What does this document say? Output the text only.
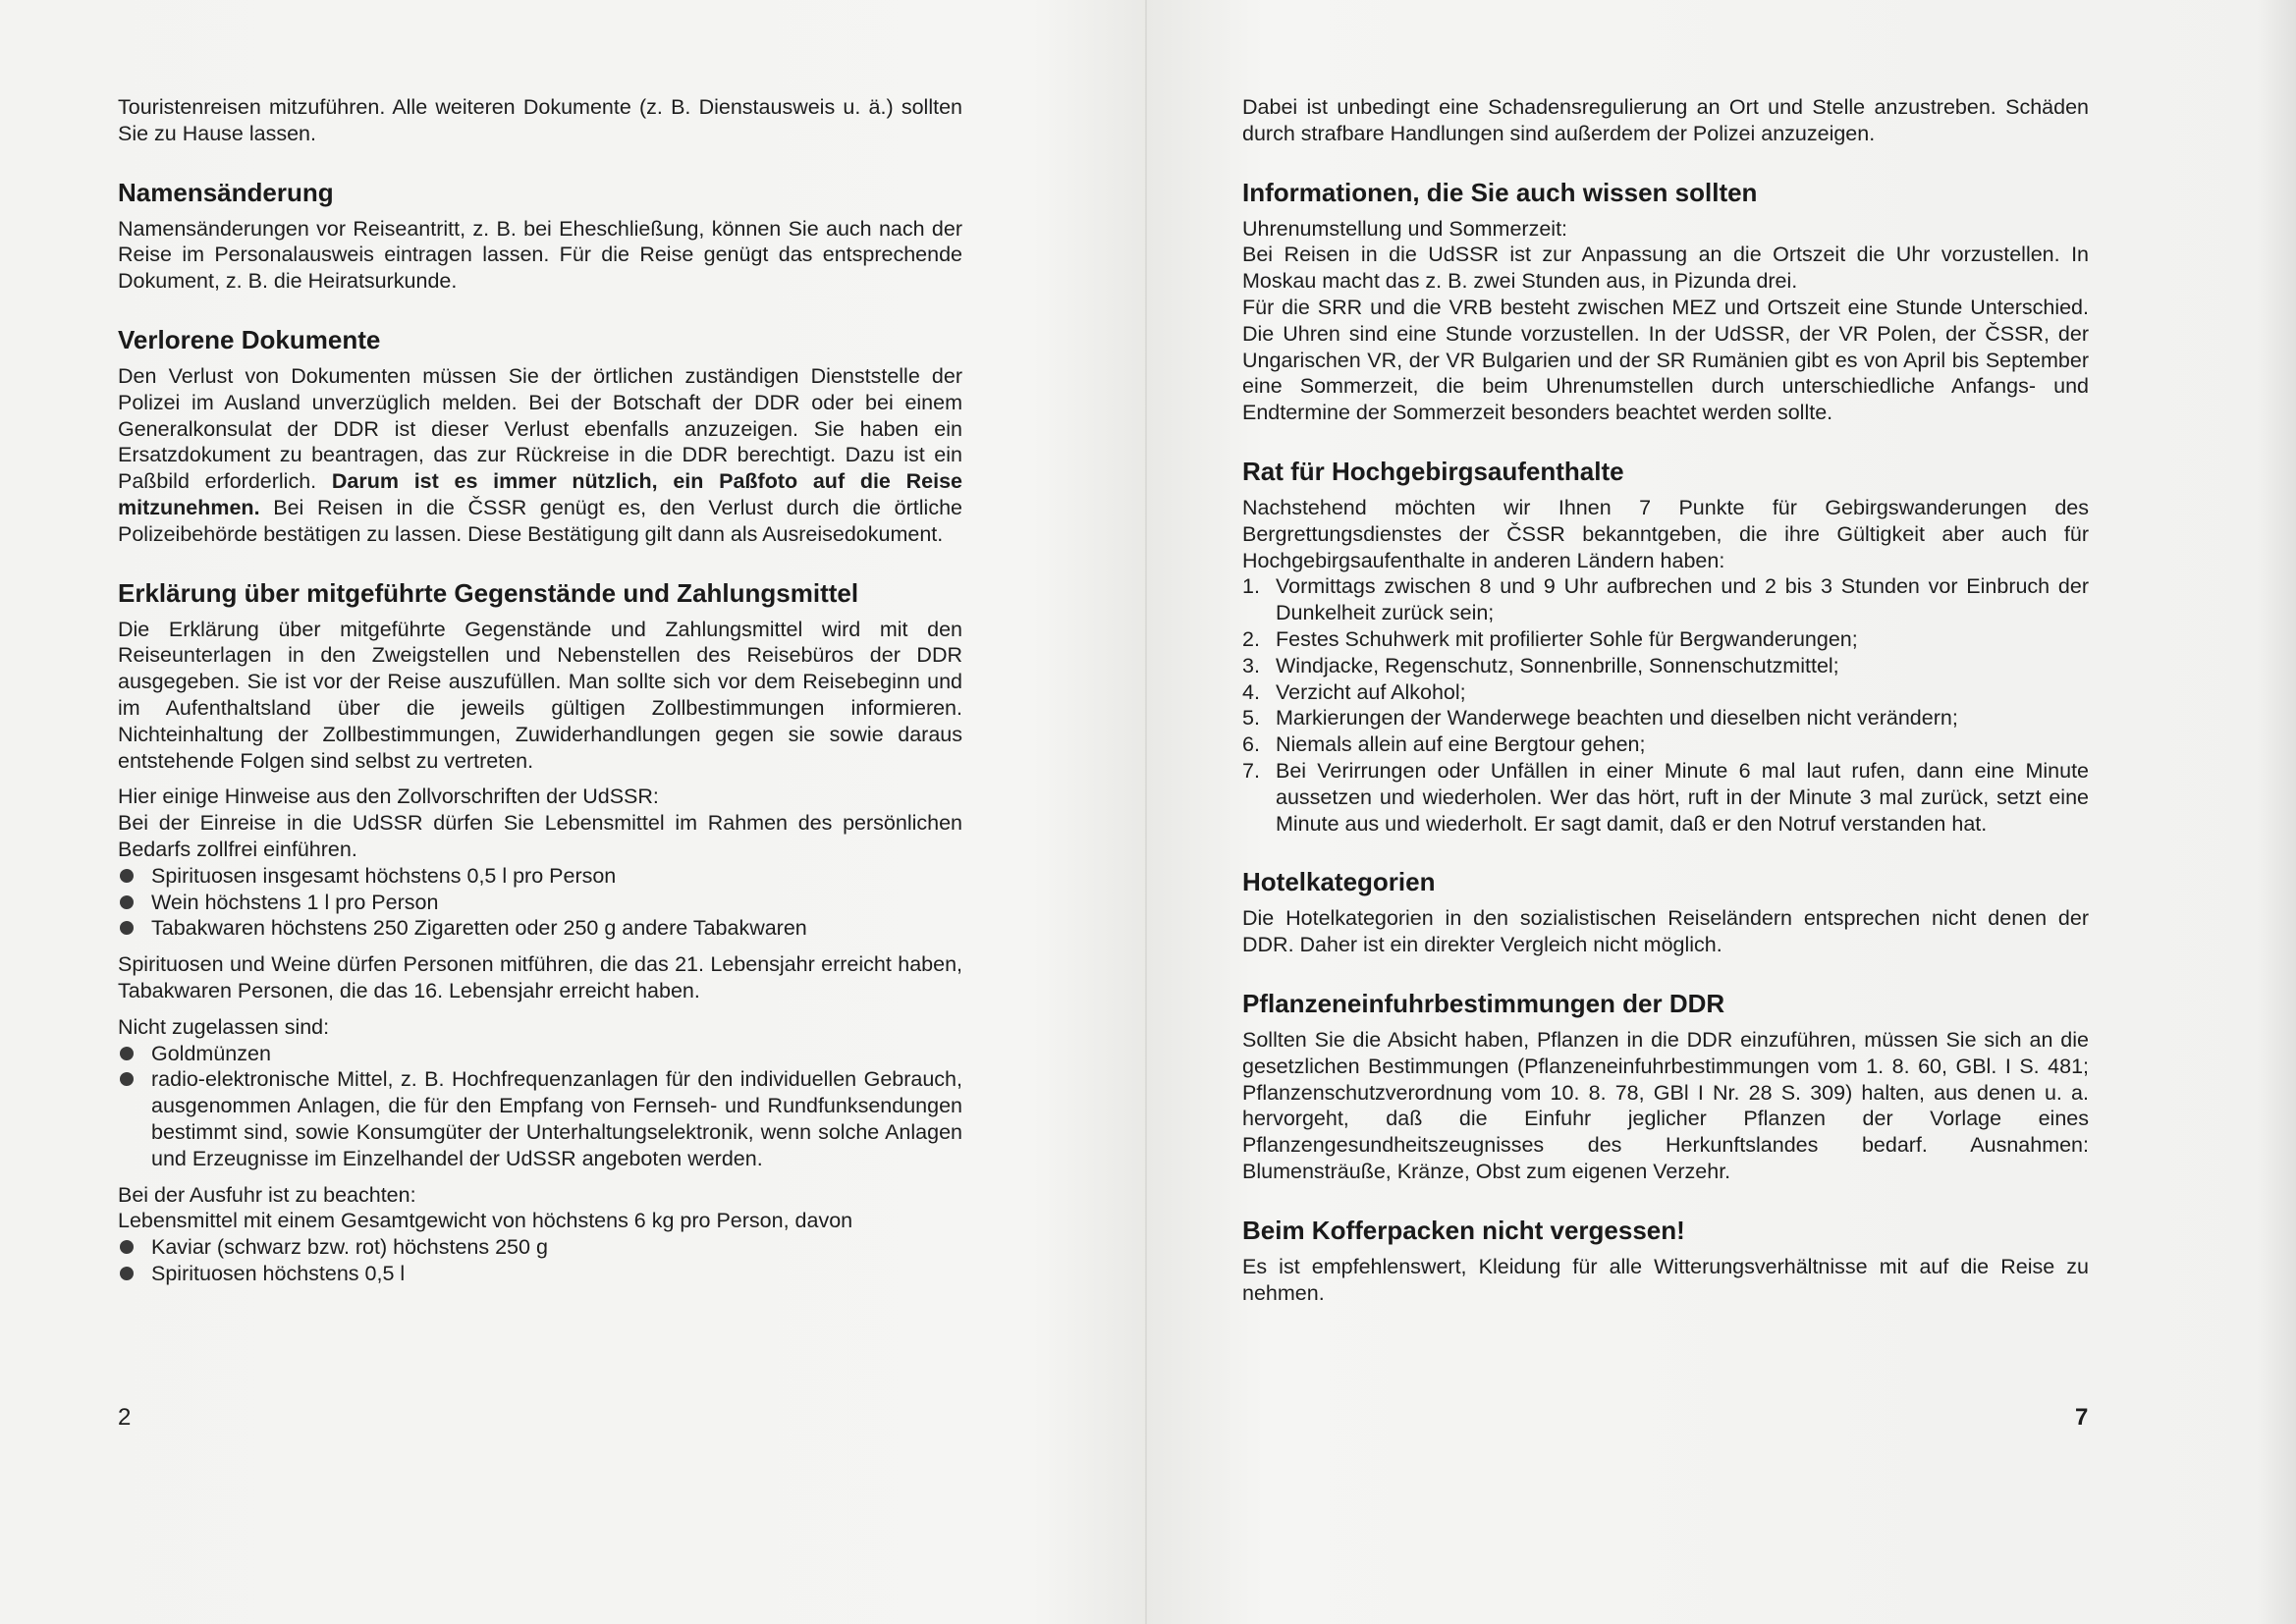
Touristenreisen mitzuführen. Alle weiteren Dokumente (z. B. Dienstausweis u. ä.) sollten Sie zu Hause lassen.

Namensänderung

Namensänderungen vor Reiseantritt, z. B. bei Eheschließung, können Sie auch nach der Reise im Personalausweis eintragen lassen. Für die Reise genügt das entsprechende Dokument, z. B. die Heiratsurkunde.

Verlorene Dokumente

Den Verlust von Dokumenten müssen Sie der örtlichen zuständigen Dienststelle der Polizei im Ausland unverzüglich melden. Bei der Botschaft der DDR oder bei einem Generalkonsulat der DDR ist dieser Verlust ebenfalls anzuzeigen. Sie haben ein Ersatzdokument zu beantragen, das zur Rückreise in die DDR berechtigt. Dazu ist ein Paßbild erforderlich. Darum ist es immer nützlich, ein Paßfoto auf die Reise mitzunehmen. Bei Reisen in die ČSSR genügt es, den Verlust durch die örtliche Polizeibehörde bestätigen zu lassen. Diese Bestätigung gilt dann als Ausreisedokument.

Erklärung über mitgeführte Gegenstände und Zahlungsmittel

Die Erklärung über mitgeführte Gegenstände und Zahlungsmittel wird mit den Reiseunterlagen in den Zweigstellen und Nebenstellen des Reisebüros der DDR ausgegeben. Sie ist vor der Reise auszufüllen. Man sollte sich vor dem Reisebeginn und im Aufenthaltsland über die jeweils gültigen Zollbestimmungen informieren. Nichteinhaltung der Zollbestimmungen, Zuwiderhandlungen gegen sie sowie daraus entstehende Folgen sind selbst zu vertreten.

Hier einige Hinweise aus den Zollvorschriften der UdSSR:

Bei der Einreise in die UdSSR dürfen Sie Lebensmittel im Rahmen des persönlichen Bedarfs zollfrei einführen.

Spirituosen insgesamt höchstens 0,5 l pro Person
Wein höchstens 1 l pro Person
Tabakwaren höchstens 250 Zigaretten oder 250 g andere Tabakwaren

Spirituosen und Weine dürfen Personen mitführen, die das 21. Lebensjahr erreicht haben, Tabakwaren Personen, die das 16. Lebensjahr erreicht haben.

Nicht zugelassen sind:

Goldmünzen
radio-elektronische Mittel, z. B. Hochfrequenzanlagen für den individuellen Gebrauch, ausgenommen Anlagen, die für den Empfang von Fernseh- und Rundfunksendungen bestimmt sind, sowie Konsumgüter der Unterhaltungselektronik, wenn solche Anlagen und Erzeugnisse im Einzelhandel der UdSSR angeboten werden.

Bei der Ausfuhr ist zu beachten:

Lebensmittel mit einem Gesamtgewicht von höchstens 6 kg pro Person, davon

Kaviar (schwarz bzw. rot) höchstens 250 g
Spirituosen höchstens 0,5 l
2

Dabei ist unbedingt eine Schadensregulierung an Ort und Stelle anzustreben. Schäden durch strafbare Handlungen sind außerdem der Polizei anzuzeigen.

Informationen, die Sie auch wissen sollten

Uhrenumstellung und Sommerzeit:

Bei Reisen in die UdSSR ist zur Anpassung an die Ortszeit die Uhr vorzustellen. In Moskau macht das z. B. zwei Stunden aus, in Pizunda drei.

Für die SRR und die VRB besteht zwischen MEZ und Ortszeit eine Stunde Unterschied. Die Uhren sind eine Stunde vorzustellen. In der UdSSR, der VR Polen, der ČSSR, der Ungarischen VR, der VR Bulgarien und der SR Rumänien gibt es von April bis September eine Sommerzeit, die beim Uhrenumstellen durch unterschiedliche Anfangs- und Endtermine der Sommerzeit besonders beachtet werden sollte.

Rat für Hochgebirgsaufenthalte

Nachstehend möchten wir Ihnen 7 Punkte für Gebirgswanderungen des Bergrettungsdienstes der ČSSR bekanntgeben, die ihre Gültigkeit aber auch für Hochgebirgsaufenthalte in anderen Ländern haben:

1. Vormittags zwischen 8 und 9 Uhr aufbrechen und 2 bis 3 Stunden vor Einbruch der Dunkelheit zurück sein;
2. Festes Schuhwerk mit profilierter Sohle für Bergwanderungen;
3. Windjacke, Regenschutz, Sonnenbrille, Sonnenschutzmittel;
4. Verzicht auf Alkohol;
5. Markierungen der Wanderwege beachten und dieselben nicht verändern;
6. Niemals allein auf eine Bergtour gehen;
7. Bei Verirrungen oder Unfällen in einer Minute 6 mal laut rufen, dann eine Minute aussetzen und wiederholen. Wer das hört, ruft in der Minute 3 mal zurück, setzt eine Minute aus und wiederholt. Er sagt damit, daß er den Notruf verstanden hat.
Hotelkategorien

Die Hotelkategorien in den sozialistischen Reiseländern entsprechen nicht denen der DDR. Daher ist ein direkter Vergleich nicht möglich.

Pflanzeneinfuhrbestimmungen der DDR

Sollten Sie die Absicht haben, Pflanzen in die DDR einzuführen, müssen Sie sich an die gesetzlichen Bestimmungen (Pflanzeneinfuhrbestimmungen vom 1. 8. 60, GBl. I S. 481; Pflanzenschutzverordnung vom 10. 8. 78, GBl I Nr. 28 S. 309) halten, aus denen u. a. hervorgeht, daß die Einfuhr jeglicher Pflanzen der Vorlage eines Pflanzengesundheitszeugnisses des Herkunftslandes bedarf. Ausnahmen: Blumensträuße, Kränze, Obst zum eigenen Verzehr.

Beim Kofferpacken nicht vergessen!

Es ist empfehlenswert, Kleidung für alle Witterungsverhältnisse mit auf die Reise zu nehmen.

7
